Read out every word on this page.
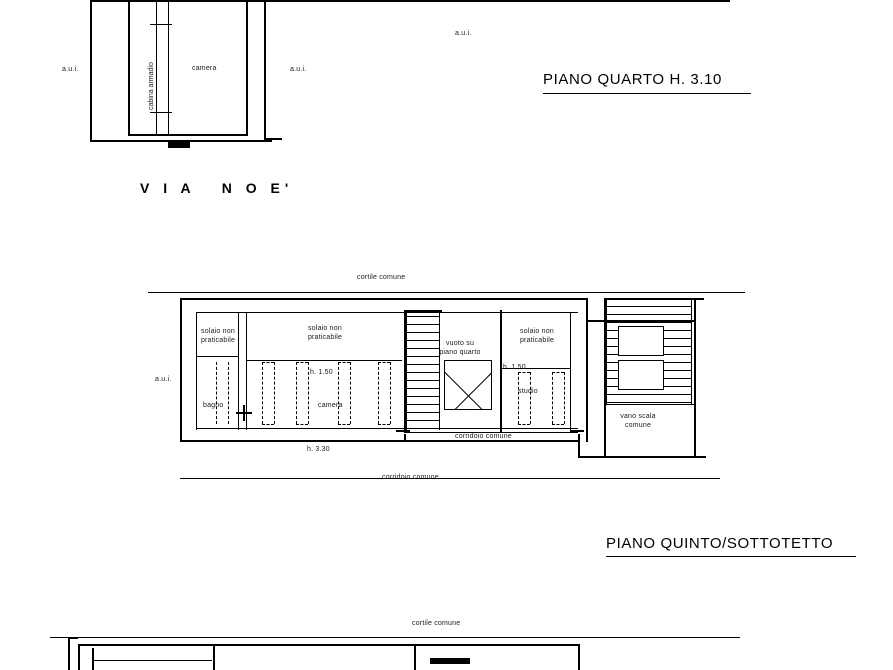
a.u.i.	a.u.i.
a.u.i.
camera
cabina armadio	PIANO QUARTO H. 3.10
V I A   N O E'
cortile comune
a.u.i.
solaio non
praticabile
solaio non
praticabile
solaio non
praticabile
bagno	camera
studio
vuoto su
piano quarto
vano scala
comune
h. 1.50
h. 1.50
h. 3.30
corridoio comune
corridoio comune
PIANO QUINTO/SOTTOTETTO
cortile comune
